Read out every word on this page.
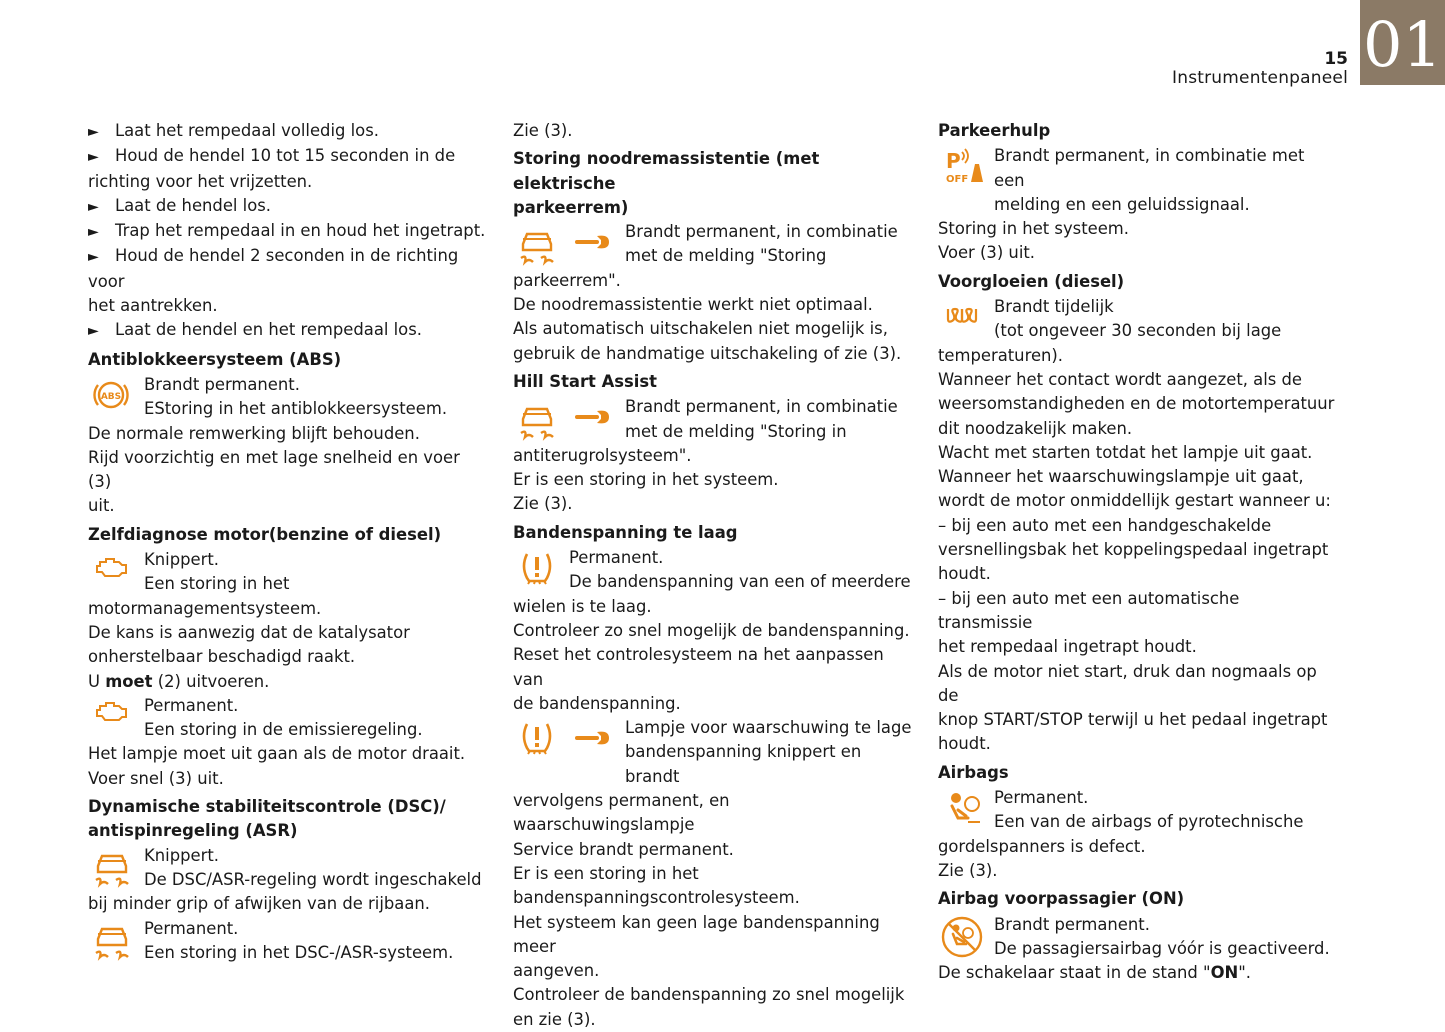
15
Instrumentenpaneel 01

► Laat het rempedaal volledig los.

► Houd de hendel 10 tot 15 seconden in de

richting voor het vrijzetten.

► Laat de hendel los.

► Trap het rempedaal in en houd het ingetrapt.

► Houd de hendel 2 seconden in de richting voor

het aantrekken.

► Laat de hendel en het rempedaal los.

Antiblokkeersysteem (ABS)

ABS

Brandt permanent.

EStoring in het antiblokkeersysteem.

De normale remwerking blijft behouden.

Rijd voorzichtig en met lage snelheid en voer (3)

uit.

Zelfdiagnose motor(benzine of diesel)

Knippert.

Een storing in het

motormanagementsysteem.

De kans is aanwezig dat de katalysator

onherstelbaar beschadigd raakt.

U moet (2) uitvoeren.

Permanent.

Een storing in de emissieregeling.

Het lampje moet uit gaan als de motor draait.

Voer snel (3) uit.

Dynamische stabiliteitscontrole (DSC)/
antispinregeling (ASR)

Knippert.

De DSC/ASR-regeling wordt ingeschakeld

bij minder grip of afwijken van de rijbaan.

Permanent.

Een storing in het DSC-/ASR-systeem.

Zie (3).

Storing noodremassistentie (met elektrische
parkeerrem)

Brandt permanent, in combinatie

met de melding "Storing

parkeerrem".

De noodremassistentie werkt niet optimaal.

Als automatisch uitschakelen niet mogelijk is,

gebruik de handmatige uitschakeling of zie (3).

Hill Start Assist

Brandt permanent, in combinatie

met de melding "Storing in

antiterugrolsysteem".

Er is een storing in het systeem.

Zie (3).

Bandenspanning te laag

Permanent.

De bandenspanning van een of meerdere

wielen is te laag.

Controleer zo snel mogelijk de bandenspanning.

Reset het controlesysteem na het aanpassen van

de bandenspanning.

Lampje voor waarschuwing te lage

bandenspanning knippert en brandt

vervolgens permanent, en waarschuwingslampje

Service brandt permanent.

Er is een storing in het

bandenspanningscontrolesysteem.

Het systeem kan geen lage bandenspanning meer

aangeven.

Controleer de bandenspanning zo snel mogelijk

en zie (3).

Parkeerhulp

P
OFF

Brandt permanent, in combinatie met een

melding en een geluidssignaal.

Storing in het systeem.

Voer (3) uit.

Voorgloeien (diesel)

Brandt tijdelijk

(tot ongeveer 30 seconden bij lage

temperaturen).

Wanneer het contact wordt aangezet, als de

weersomstandigheden en de motortemperatuur

dit noodzakelijk maken.

Wacht met starten totdat het lampje uit gaat.

Wanneer het waarschuwingslampje uit gaat,

wordt de motor onmiddellijk gestart wanneer u:

– bij een auto met een handgeschakelde

versnellingsbak het koppelingspedaal ingetrapt

houdt.

– bij een auto met een automatische transmissie

het rempedaal ingetrapt houdt.

Als de motor niet start, druk dan nogmaals op de

knop START/STOP terwijl u het pedaal ingetrapt

houdt.

Airbags

Permanent.

Een van de airbags of pyrotechnische

gordelspanners is defect.

Zie (3).

Airbag voorpassagier (ON)

Brandt permanent.

De passagiersairbag vóór is geactiveerd.

De schakelaar staat in de stand "ON".
